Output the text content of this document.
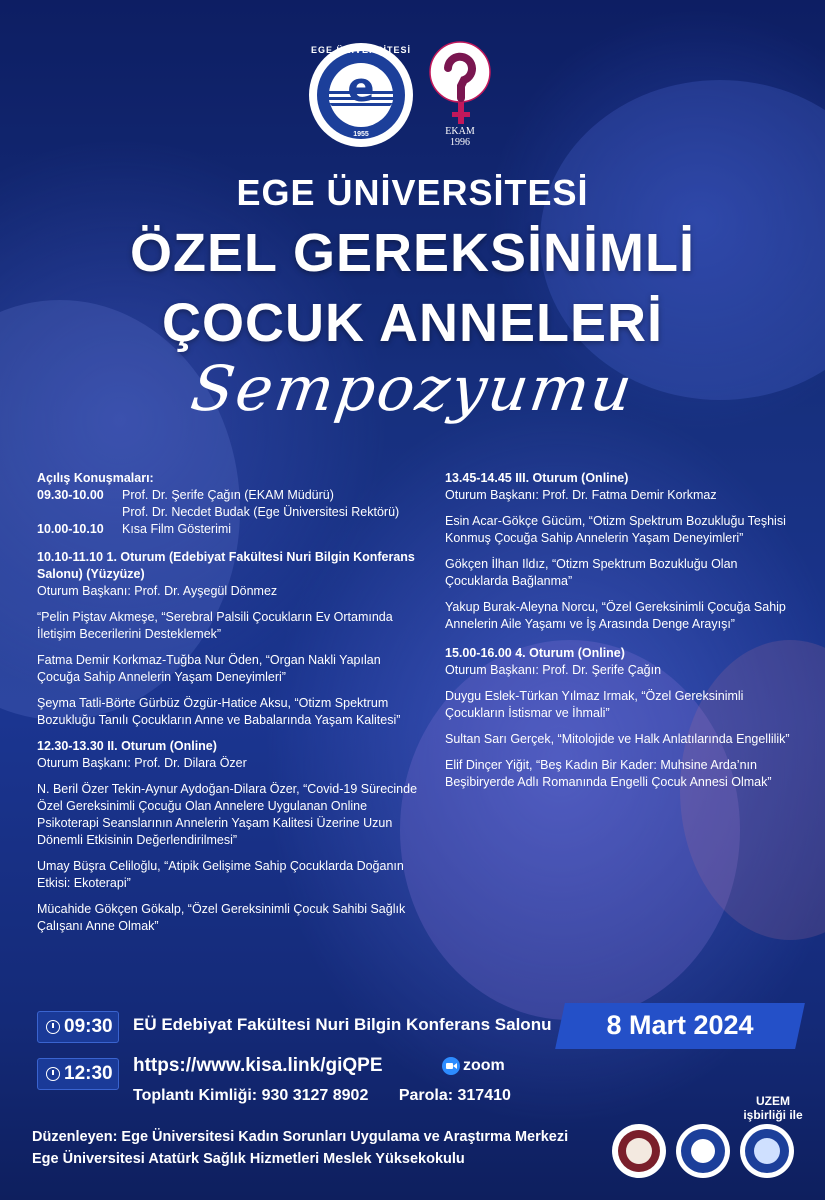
EGE ÜNİVERSİTESİ
e
1955	EKAM
1996
EGE ÜNİVERSİTESİ
ÖZEL GEREKSİNİMLİ
ÇOCUK ANNELERİ
Sempozyumu
Açılış Konuşmaları:
09.30-10.00	Prof. Dr. Şerife Çağın (EKAM Müdürü)
Prof. Dr. Necdet Budak (Ege Üniversitesi Rektörü)
10.00-10.10	Kısa Film Gösterimi
10.10-11.10 1. Oturum (Edebiyat Fakültesi Nuri Bilgin Konferans Salonu) (Yüzyüze)
Oturum Başkanı: Prof. Dr. Ayşegül Dönmez
“Pelin Piştav Akmeşe, “Serebral Palsili Çocukların Ev Ortamında İletişim Becerilerini Desteklemek”
Fatma Demir Korkmaz-Tuğba Nur Öden, “Organ Nakli Yapılan Çocuğa Sahip Annelerin Yaşam Deneyimleri”
Şeyma Tatli-Börte Gürbüz Özgür-Hatice Aksu, “Otizm Spektrum Bozukluğu Tanılı Çocukların Anne ve Babalarında Yaşam Kalitesi”
12.30-13.30 II. Oturum (Online)
Oturum Başkanı: Prof. Dr. Dilara Özer
N. Beril Özer Tekin-Aynur Aydoğan-Dilara Özer, “Covid-19 Sürecinde Özel Gereksinimli Çocuğu Olan Annelere Uygulanan Online Psikoterapi Seanslarının Annelerin Yaşam Kalitesi Üzerine Uzun Dönemli Etkisinin Değerlendirilmesi”
Umay Büşra Celiloğlu, “Atipik Gelişime Sahip Çocuklarda Doğanın Etkisi: Ekoterapi”
Mücahide Gökçen Gökalp, “Özel Gereksinimli Çocuk Sahibi Sağlık Çalışanı Anne Olmak”
13.45-14.45 III. Oturum (Online)
Oturum Başkanı: Prof. Dr. Fatma Demir Korkmaz
Esin Acar-Gökçe Gücüm, “Otizm Spektrum Bozukluğu Teşhisi Konmuş Çocuğa Sahip Annelerin Yaşam Deneyimleri”
Gökçen İlhan Ildız, “Otizm Spektrum Bozukluğu Olan Çocuklarda Bağlanma”
Yakup Burak-Aleyna Norcu, “Özel Gereksinimli Çocuğa Sahip Annelerin Aile Yaşamı ve İş Arasında Denge Arayışı”
15.00-16.00 4. Oturum (Online)
Oturum Başkanı: Prof. Dr. Şerife Çağın
Duygu Eslek-Türkan Yılmaz Irmak, “Özel Gereksinimli Çocukların İstismar ve İhmali”
Sultan Sarı Gerçek, “Mitolojide ve Halk Anlatılarında Engellilik”
Elif Dinçer Yiğit, “Beş Kadın Bir Kader: Muhsine Arda’nın Beşibiryerde Adlı Romanında Engelli Çocuk Annesi Olmak”
09:30 EÜ Edebiyat Fakültesi Nuri Bilgin Konferans Salonu	8 Mart 2024
12:30 https://www.kisa.link/giQPE	zoom
Toplantı Kimliği: 930 3127 8902 Parola: 317410
Düzenleyen: Ege Üniversitesi Kadın Sorunları Uygulama ve Araştırma Merkezi
Ege Üniversitesi Atatürk Sağlık Hizmetleri Meslek Yüksekokulu
UZEM
işbirliği ile
